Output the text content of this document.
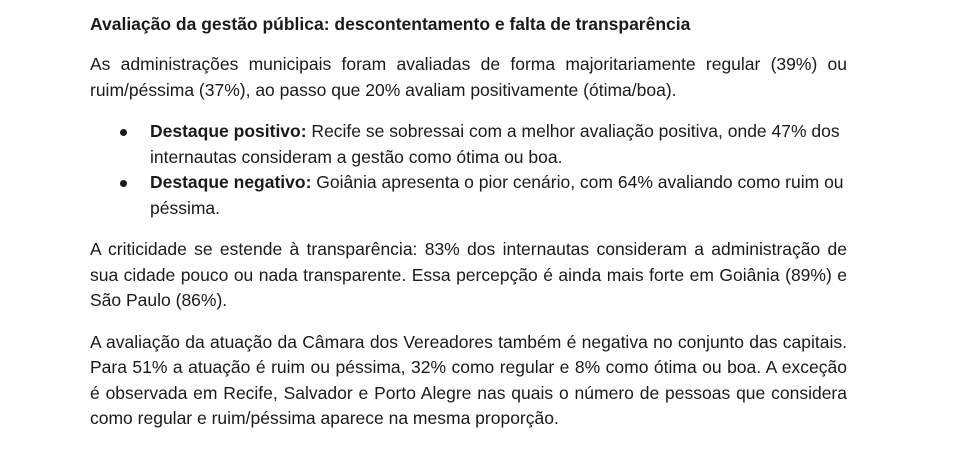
Avaliação da gestão pública: descontentamento e falta de transparência

As administrações municipais foram avaliadas de forma majoritariamente regular (39%) ou ruim/péssima (37%), ao passo que 20% avaliam positivamente (ótima/boa).

Destaque positivo: Recife se sobressai com a melhor avaliação positiva, onde 47% dos internautas consideram a gestão como ótima ou boa.
Destaque negativo: Goiânia apresenta o pior cenário, com 64% avaliando como ruim ou péssima.

A criticidade se estende à transparência: 83% dos internautas consideram a administração de sua cidade pouco ou nada transparente. Essa percepção é ainda mais forte em Goiânia (89%) e São Paulo (86%).

A avaliação da atuação da Câmara dos Vereadores também é negativa no conjunto das capitais. Para 51% a atuação é ruim ou péssima, 32% como regular e 8% como ótima ou boa. A exceção é observada em Recife, Salvador e Porto Alegre nas quais o número de pessoas que considera como regular e ruim/péssima aparece na mesma proporção.
